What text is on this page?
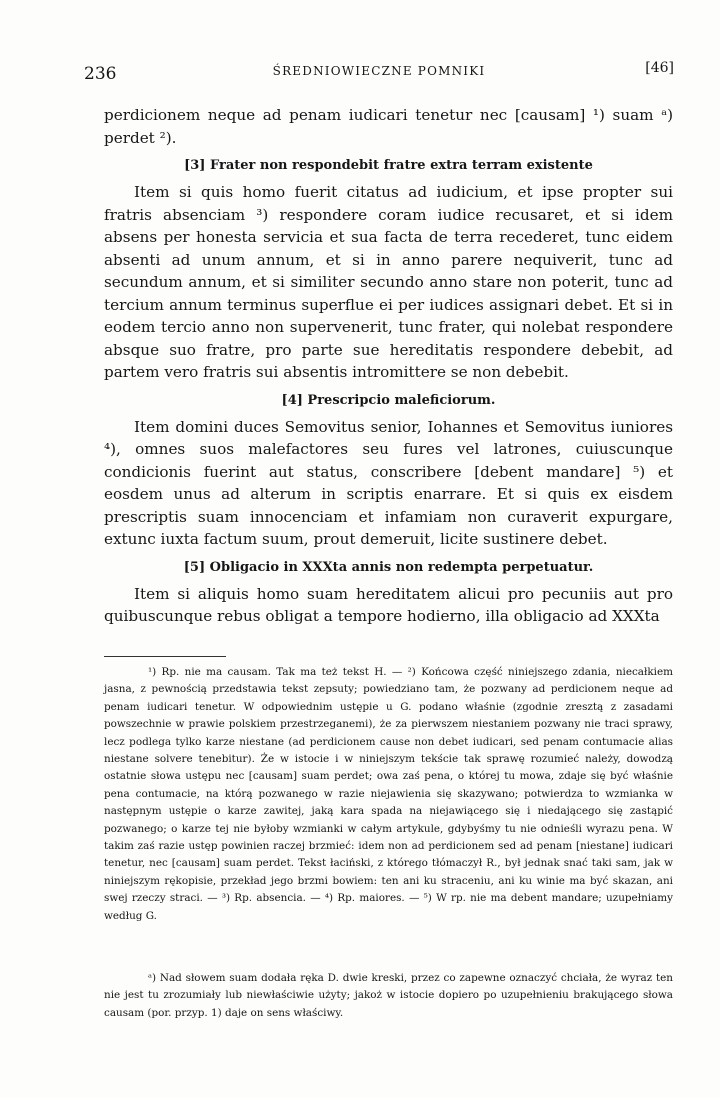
236	ŚREDNIOWIECZNE POMNIKI	[46]

perdicionem neque ad penam iudicari tenetur nec [causam] ¹) suam ᵃ) perdet ²).

[3] Frater non respondebit fratre extra terram existente

Item si quis homo fuerit citatus ad iudicium, et ipse propter sui fratris absenciam ³) respondere coram iudice recusaret, et si idem absens per honesta servicia et sua facta de terra recederet, tunc eidem absenti ad unum annum, et si in anno parere nequiverit, tunc ad secundum annum, et si similiter secundo anno stare non poterit, tunc ad tercium annum terminus superflue ei per iudices assignari debet. Et si in eodem tercio anno non supervenerit, tunc frater, qui nolebat respondere absque suo fratre, pro parte sue hereditatis respondere debebit, ad partem vero fratris sui absentis intromittere se non debebit.

[4] Prescripcio maleficiorum.

Item domini duces Semovitus senior, Iohannes et Semovitus iuniores ⁴), omnes suos malefactores seu fures vel latrones, cuiuscunque condicionis fuerint aut status, conscribere [debent mandare] ⁵) et eosdem unus ad alterum in scriptis enarrare. Et si quis ex eisdem prescriptis suam innocenciam et infamiam non curaverit expurgare, extunc iuxta factum suum, prout demeruit, licite sustinere debet.

[5] Obligacio in XXXta annis non redempta perpetuatur.

Item si aliquis homo suam hereditatem alicui pro pecuniis aut pro quibuscunque rebus obligat a tempore hodierno, illa obligacio ad XXXta

¹) Rp. nie ma causam. Tak ma też tekst H. — ²) Końcowa część niniejszego zdania, niecałkiem jasna, z pewnością przedstawia tekst zepsuty; powiedziano tam, że pozwany ad perdicionem neque ad penam iudicari tenetur. W odpowiednim ustępie u G. podano właśnie (zgodnie zresztą z zasadami powszechnie w prawie polskiem przestrzeganemi), że za pierwszem niestaniem pozwany nie traci sprawy, lecz podlega tylko karze niestane (ad perdicionem cause non debet iudicari, sed penam contumacie alias niestane solvere tenebitur). Że w istocie i w niniejszym tekście tak sprawę rozumieć należy, dowodzą ostatnie słowa ustępu nec [causam] suam perdet; owa zaś pena, o której tu mowa, zdaje się być właśnie pena contumacie, na którą pozwanego w razie niejawienia się skazywano; potwierdza to wzmianka w następnym ustępie o karze zawitej, jaką kara spada na niejawiącego się i niedającego się zastąpić pozwanego; o karze tej nie byłoby wzmianki w całym artykule, gdybyśmy tu nie odnieśli wyrazu pena. W takim zaś razie ustęp powinien raczej brzmieć: idem non ad perdicionem sed ad penam [niestane] iudicari tenetur, nec [causam] suam perdet. Tekst łaciński, z którego tłómaczył R., był jednak snać taki sam, jak w niniejszym rękopisie, przekład jego brzmi bowiem: ten ani ku straceniu, ani ku winie ma być skazan, ani swej rzeczy straci. — ³) Rp. absencia. — ⁴) Rp. maiores. — ⁵) W rp. nie ma debent mandare; uzupełniamy według G.

ᵃ) Nad słowem suam dodała ręka D. dwie kreski, przez co zapewne oznaczyć chciała, że wyraz ten nie jest tu zrozumiały lub niewłaściwie użyty; jakoż w istocie dopiero po uzupełnieniu brakującego słowa causam (por. przyp. 1) daje on sens właściwy.
